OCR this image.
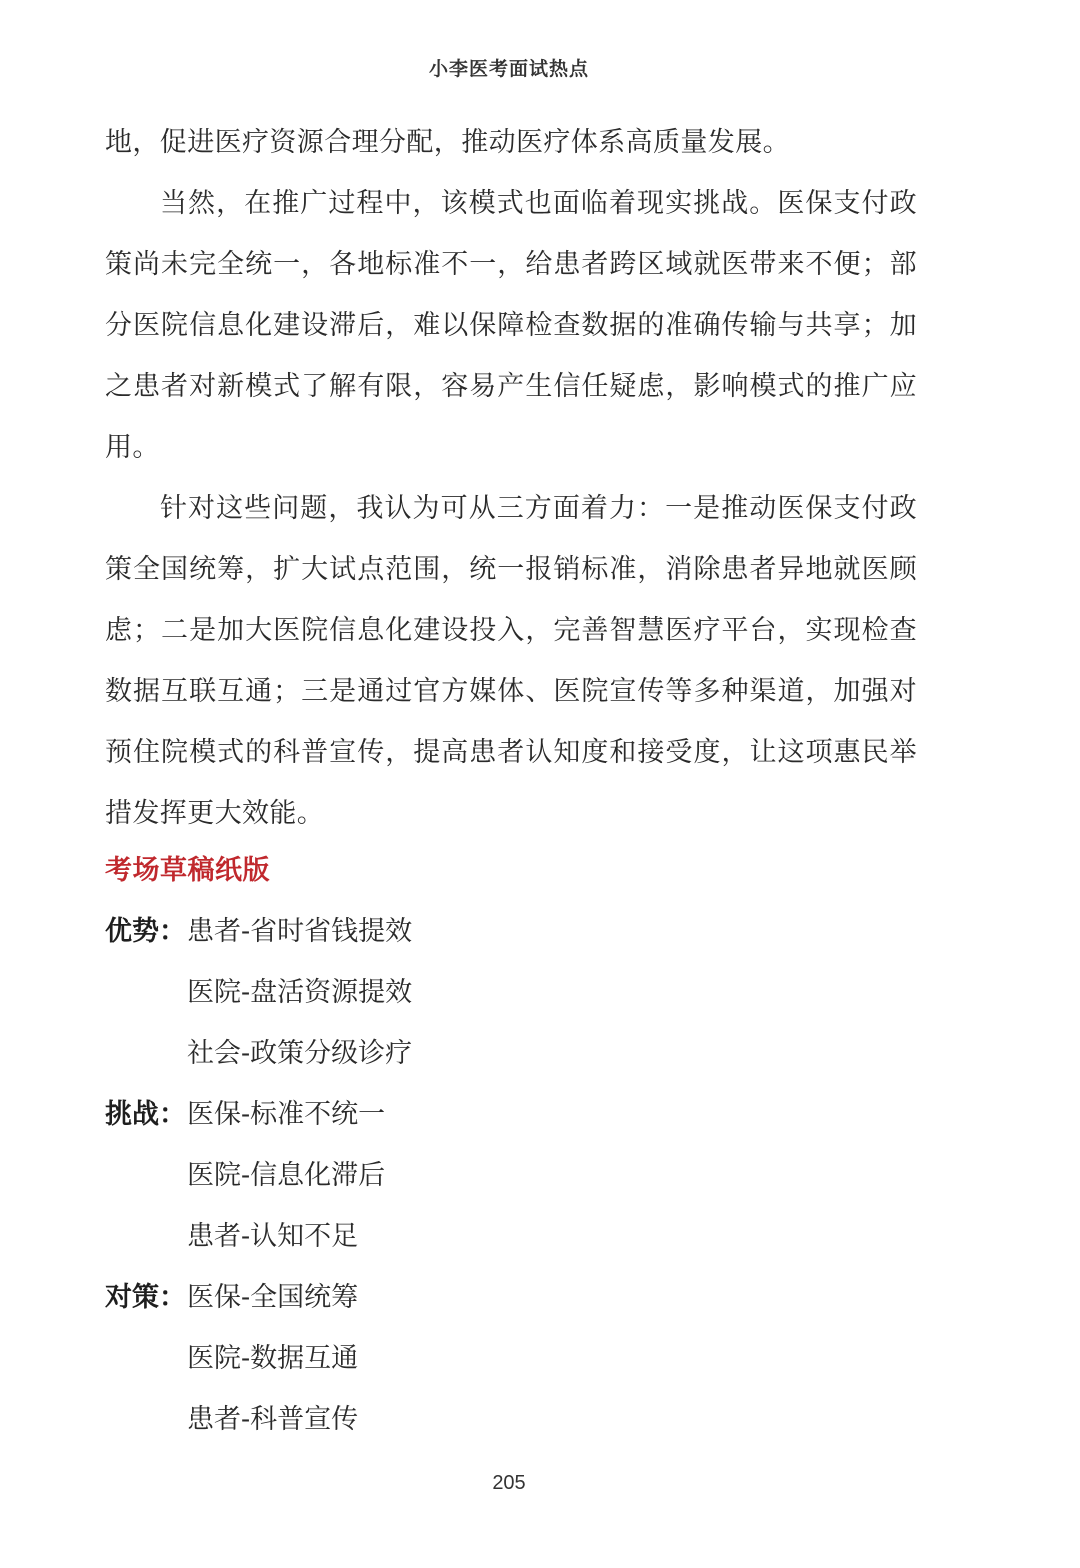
小李医考面试热点

地，促进医疗资源合理分配，推动医疗体系高质量发展。

当然，在推广过程中，该模式也面临着现实挑战。医保支付政策尚未完全统一，各地标准不一，给患者跨区域就医带来不便；部分医院信息化建设滞后，难以保障检查数据的准确传输与共享；加之患者对新模式了解有限，容易产生信任疑虑，影响模式的推广应用。

针对这些问题，我认为可从三方面着力：一是推动医保支付政策全国统筹，扩大试点范围，统一报销标准，消除患者异地就医顾虑；二是加大医院信息化建设投入，完善智慧医疗平台，实现检查数据互联互通；三是通过官方媒体、医院宣传等多种渠道，加强对预住院模式的科普宣传，提高患者认知度和接受度，让这项惠民举措发挥更大效能。

考场草稿纸版
优势： 患者-省时省钱提效
医院-盘活资源提效
社会-政策分级诊疗
挑战： 医保-标准不统一
医院-信息化滞后
患者-认知不足
对策： 医保-全国统筹
医院-数据互通
患者-科普宣传
205
